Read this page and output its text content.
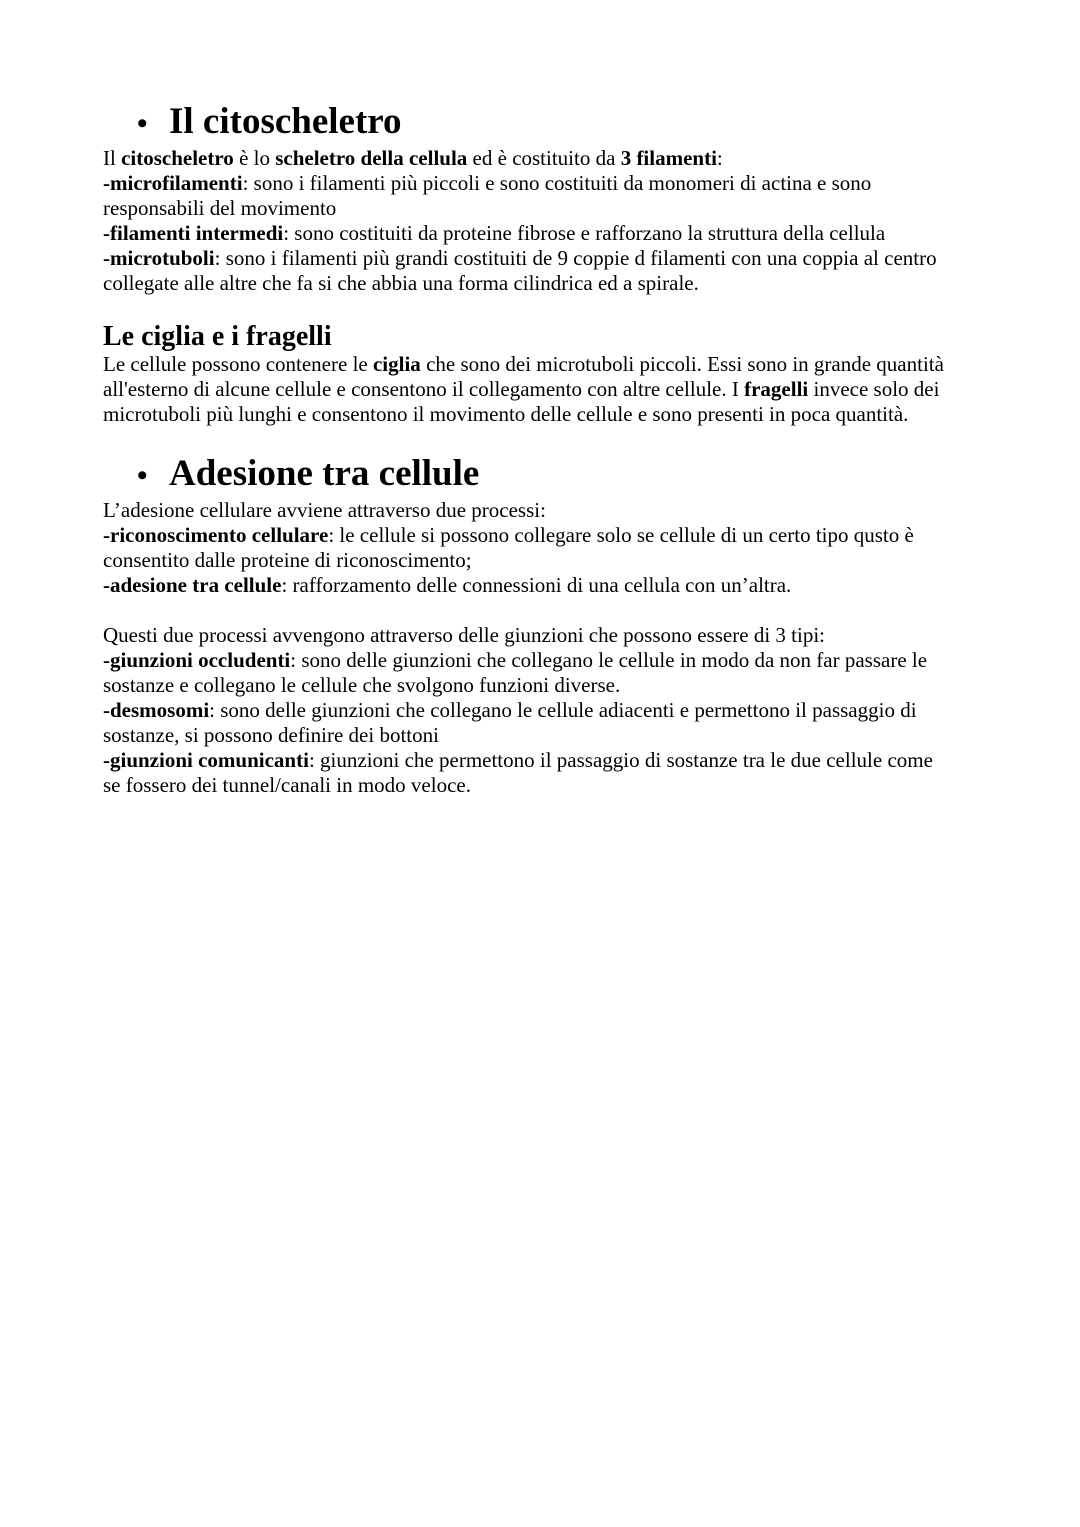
• Il citoscheletro

Il citoscheletro è lo scheletro della cellula ed è costituito da 3 filamenti:
-microfilamenti: sono i filamenti più piccoli e sono costituiti da monomeri di actina e sono
responsabili del movimento
-filamenti intermedi: sono costituiti da proteine fibrose e rafforzano la struttura della cellula
-microtuboli: sono i filamenti più grandi costituiti de 9 coppie d filamenti con una coppia al centro
collegate alle altre che fa si che abbia una forma cilindrica ed a spirale.

Le ciglia e i fragelli

Le cellule possono contenere le ciglia che sono dei microtuboli piccoli. Essi sono in grande quantità
all'esterno di alcune cellule e consentono il collegamento con altre cellule. I fragelli invece solo dei
microtuboli più lunghi e consentono il movimento delle cellule e sono presenti in poca quantità.

• Adesione tra cellule

L’adesione cellulare avviene attraverso due processi:
-riconoscimento cellulare: le cellule si possono collegare solo se cellule di un certo tipo qusto è
consentito dalle proteine di riconoscimento;
-adesione tra cellule: rafforzamento delle connessioni di una cellula con un’altra.

Questi due processi avvengono attraverso delle giunzioni che possono essere di 3 tipi:
-giunzioni occludenti: sono delle giunzioni che collegano le cellule in modo da non far passare le
sostanze e collegano le cellule che svolgono funzioni diverse.
-desmosomi: sono delle giunzioni che collegano le cellule adiacenti e permettono il passaggio di
sostanze, si possono definire dei bottoni
-giunzioni comunicanti: giunzioni che permettono il passaggio di sostanze tra le due cellule come
se fossero dei tunnel/canali in modo veloce.
